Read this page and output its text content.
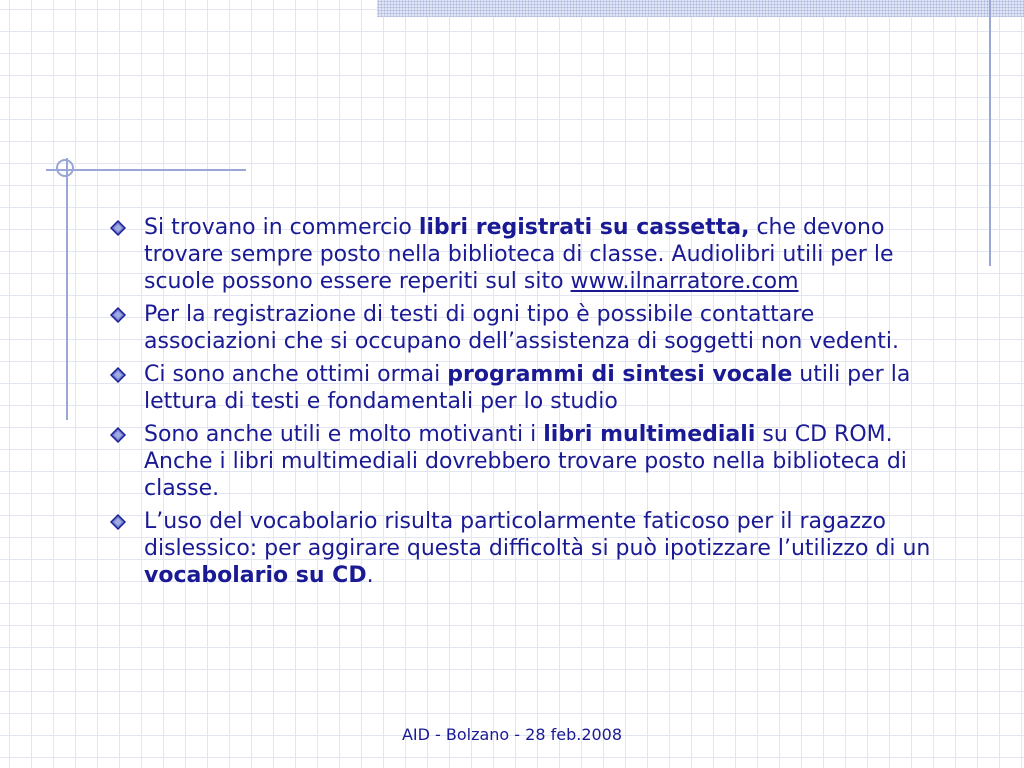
Si trovano in commercio libri registrati su cassetta, che devono trovare sempre posto nella biblioteca di classe. Audiolibri utili per le scuole possono essere reperiti sul sito www.ilnarratore.com
Per la registrazione di testi di ogni tipo è possibile contattare associazioni che si occupano dell’assistenza di soggetti non vedenti.
Ci sono anche ottimi ormai programmi di sintesi vocale utili per la lettura di testi e fondamentali per lo studio
Sono anche utili e molto motivanti i libri multimediali su CD ROM. Anche i libri multimediali dovrebbero trovare posto nella biblioteca di classe.
L’uso del vocabolario risulta particolarmente faticoso per il ragazzo dislessico: per aggirare questa difficoltà si può ipotizzare l’utilizzo di un vocabolario su CD.
AID - Bolzano - 28 feb.2008
